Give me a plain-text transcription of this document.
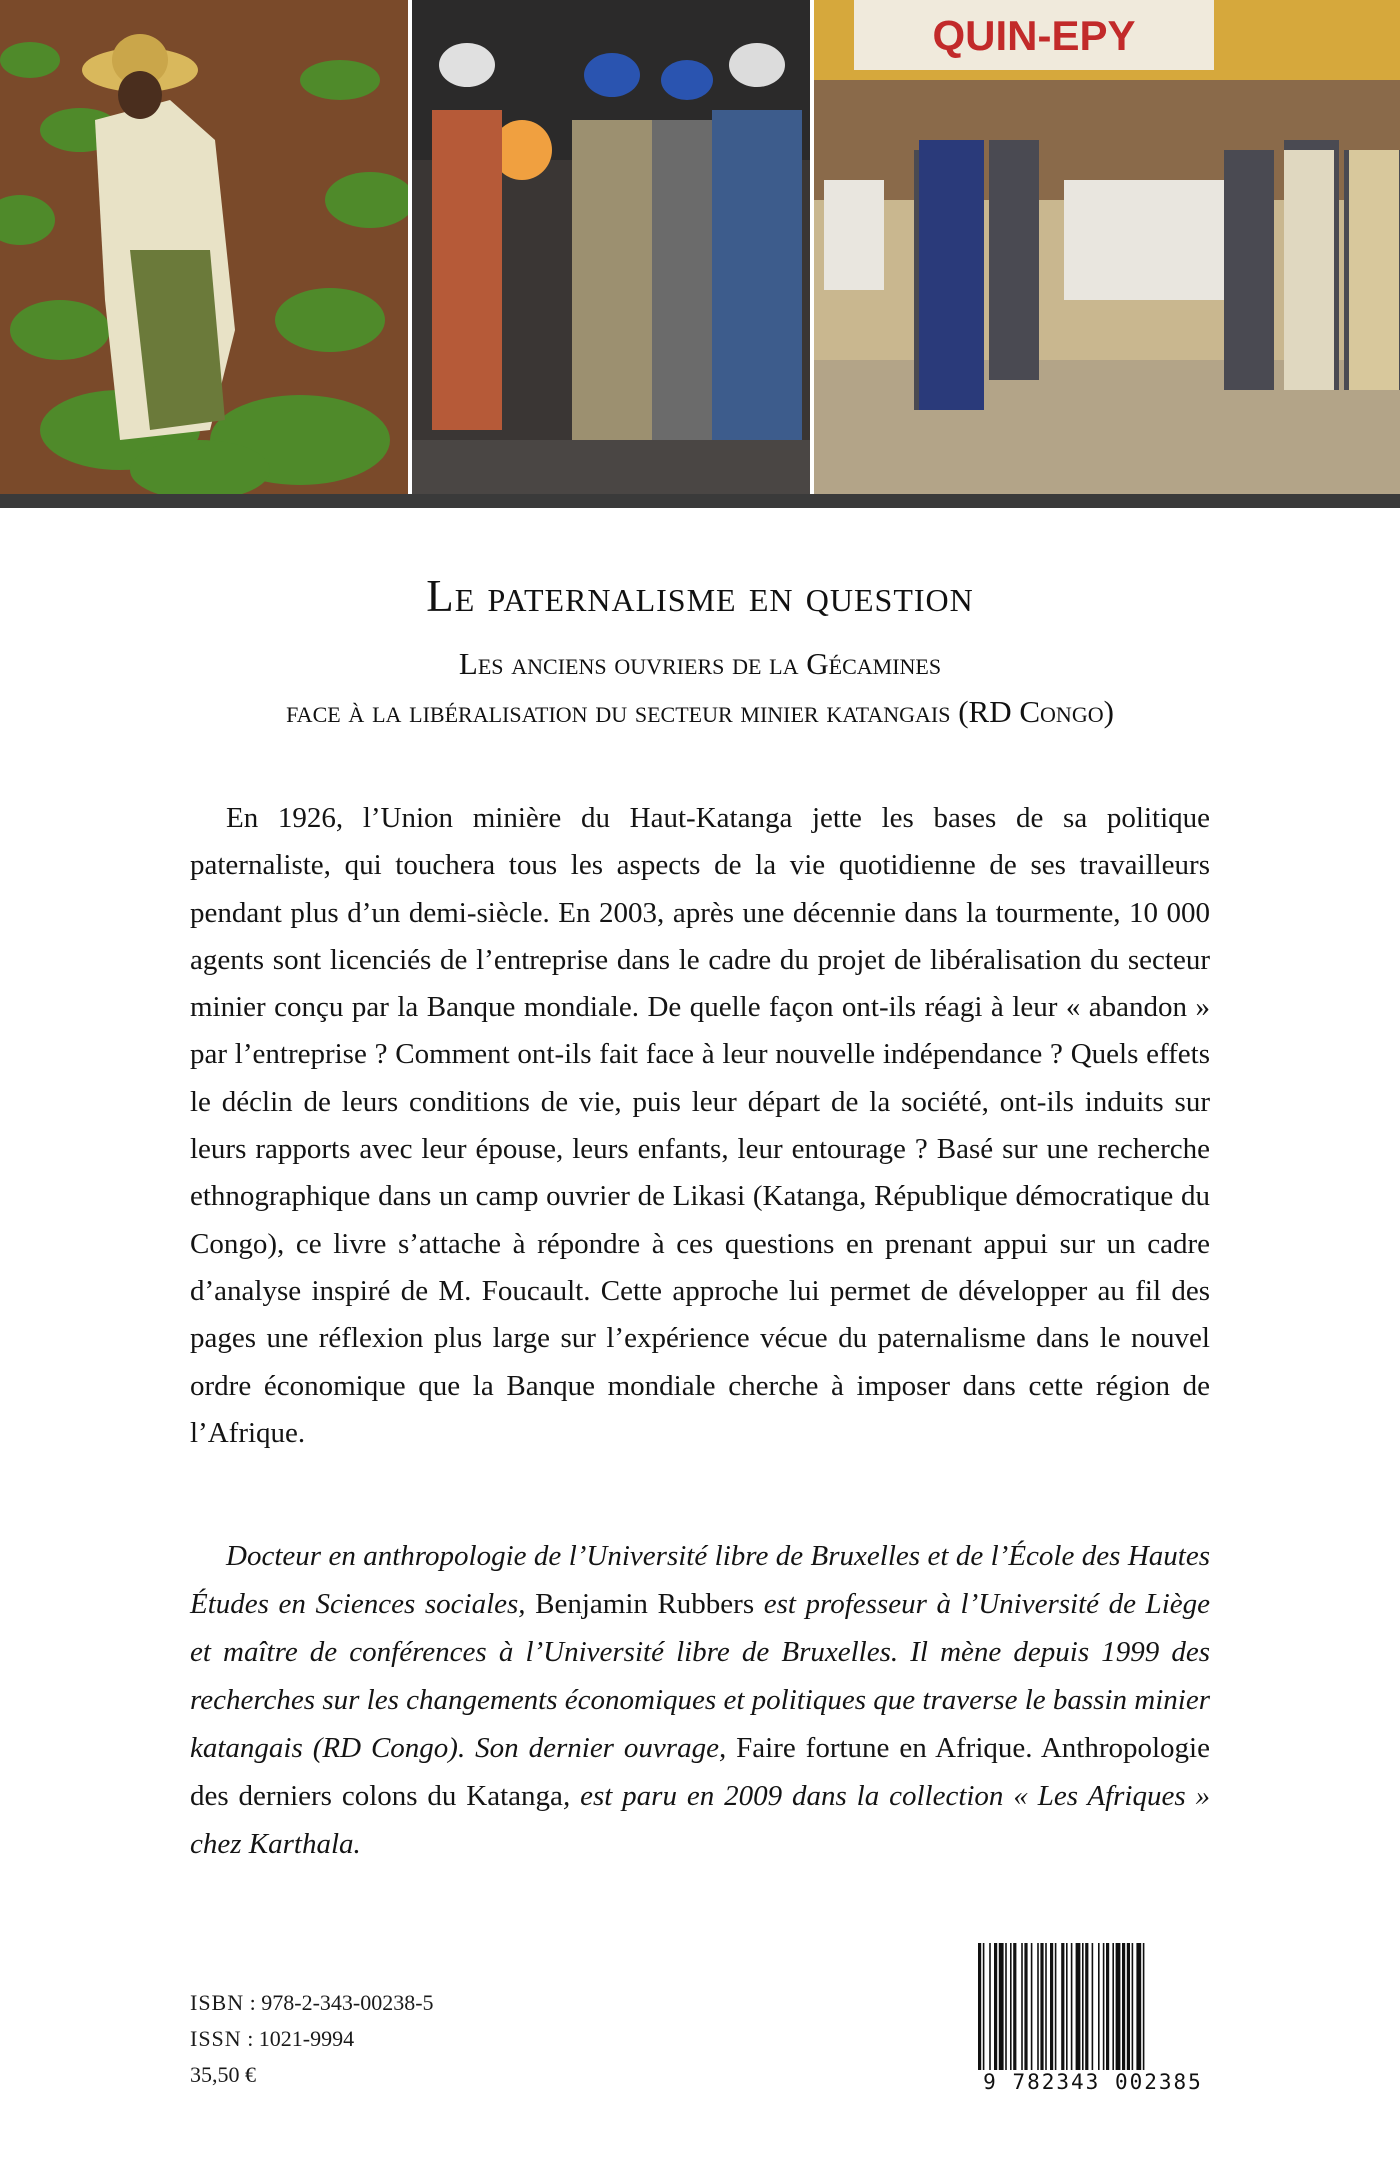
QUIN-EPY
Le paternalisme en question
Les anciens ouvriers de la Gécamines
face à la libéralisation du secteur minier katangais (RD Congo)

En 1926, l’Union minière du Haut-Katanga jette les bases de sa politique paternaliste, qui touchera tous les aspects de la vie quotidienne de ses travailleurs pendant plus d’un demi-siècle. En 2003, après une décennie dans la tourmente, 10 000 agents sont licenciés de l’entreprise dans le cadre du projet de libéralisation du secteur minier conçu par la Banque mondiale. De quelle façon ont-ils réagi à leur « abandon » par l’entreprise ? Comment ont-ils fait face à leur nouvelle indépendance ? Quels effets le déclin de leurs conditions de vie, puis leur départ de la société, ont-ils induits sur leurs rapports avec leur épouse, leurs enfants, leur entourage ? Basé sur une recherche ethnographique dans un camp ouvrier de Likasi (Katanga, République démocratique du Congo), ce livre s’attache à répondre à ces questions en prenant appui sur un cadre d’analyse inspiré de M. Foucault. Cette approche lui permet de développer au fil des pages une réflexion plus large sur l’expérience vécue du paternalisme dans le nouvel ordre économique que la Banque mondiale cherche à imposer dans cette région de l’Afrique.

Docteur en anthropologie de l’Université libre de Bruxelles et de l’École des Hautes Études en Sciences sociales, Benjamin Rubbers est professeur à l’Université de Liège et maître de conférences à l’Université libre de Bruxelles. Il mène depuis 1999 des recherches sur les changements économiques et politiques que traverse le bassin minier katangais (RD Congo). Son dernier ouvrage, Faire fortune en Afrique. Anthropologie des derniers colons du Katanga, est paru en 2009 dans la collection « Les Afriques » chez Karthala.

ISBN : 978-2-343-00238-5
ISSN : 1021-9994
35,50 €	9 782343 002385
